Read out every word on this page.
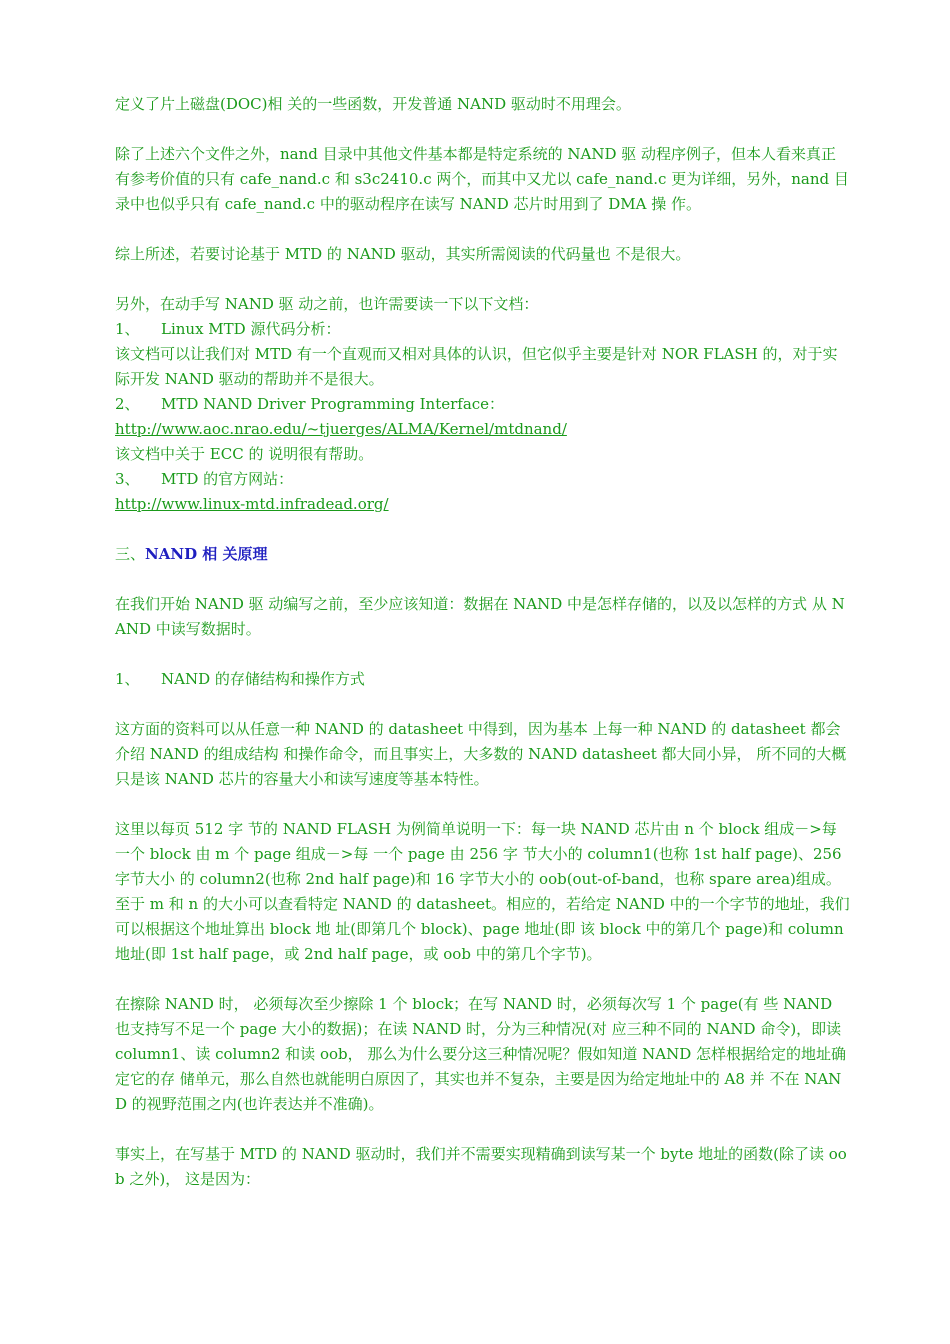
定义了片上磁盘(DOC)相 关的一些函数，开发普通 NAND 驱动时不用理会。

除了上述六个文件之外，nand 目录中其他文件基本都是特定系统的 NAND 驱 动程序例子，但本人看来真正有参考价值的只有 cafe_nand.c 和 s3c2410.c 两个，而其中又尤以 cafe_nand.c 更为详细，另外，nand 目 录中也似乎只有 cafe_nand.c 中的驱动程序在读写 NAND 芯片时用到了 DMA 操 作。

综上所述，若要讨论基于 MTD 的 NAND 驱动，其实所需阅读的代码量也 不是很大。

另外，在动手写 NAND 驱 动之前，也许需要读一下以下文档：
1、 Linux MTD 源代码分析：
该文档可以让我们对 MTD 有一个直观而又相对具体的认识，但它似乎主要是针对 NOR FLASH 的，对于实际开发 NAND 驱动的帮助并不是很大。
2、 MTD NAND Driver Programming Interface：
http://www.aoc.nrao.edu/~tjuerges/ALMA/Kernel/mtdnand/
该文档中关于 ECC 的 说明很有帮助。
3、 MTD 的官方网站：
http://www.linux-mtd.infradead.org/

三、NAND 相 关原理

在我们开始 NAND 驱 动编写之前，至少应该知道：数据在 NAND 中是怎样存储的，以及以怎样的方式 从 NAND 中读写数据时。

1、 NAND 的存储结构和操作方式

这方面的资料可以从任意一种 NAND 的 datasheet 中得到，因为基本 上每一种 NAND 的 datasheet 都会介绍 NAND 的组成结构 和操作命令，而且事实上，大多数的 NAND datasheet 都大同小异， 所不同的大概只是该 NAND 芯片的容量大小和读写速度等基本特性。

这里以每页 512 字 节的 NAND FLASH 为例简单说明一下：每一块 NAND 芯片由 n 个 block 组成－>每 一个 block 由 m 个 page 组成－>每 一个 page 由 256 字 节大小的 column1(也称 1st half page)、256 字节大小 的 column2(也称 2nd half page)和 16 字节大小的 oob(out-of-band，也称 spare area)组成。至于 m 和 n 的大小可以查看特定 NAND 的 datasheet。相应的，若给定 NAND 中的一个字节的地址，我们可以根据这个地址算出 block 地 址(即第几个 block)、page 地址(即 该 block 中的第几个 page)和 column 地址(即 1st half page，或 2nd half page，或 oob 中的第几个字节)。

在擦除 NAND 时， 必须每次至少擦除 1 个 block；在写 NAND 时，必须每次写 1 个 page(有 些 NAND 也支持写不足一个 page 大小的数据)；在读 NAND 时，分为三种情况(对 应三种不同的 NAND 命令)，即读 column1、读 column2 和读 oob， 那么为什么要分这三种情况呢？假如知道 NAND 怎样根据给定的地址确定它的存 储单元，那么自然也就能明白原因了，其实也并不复杂，主要是因为给定地址中的 A8 并 不在 NAND 的视野范围之内(也许表达并不准确)。

事实上，在写基于 MTD 的 NAND 驱动时，我们并不需要实现精确到读写某一个 byte 地址的函数(除了读 oob 之外)， 这是因为：
